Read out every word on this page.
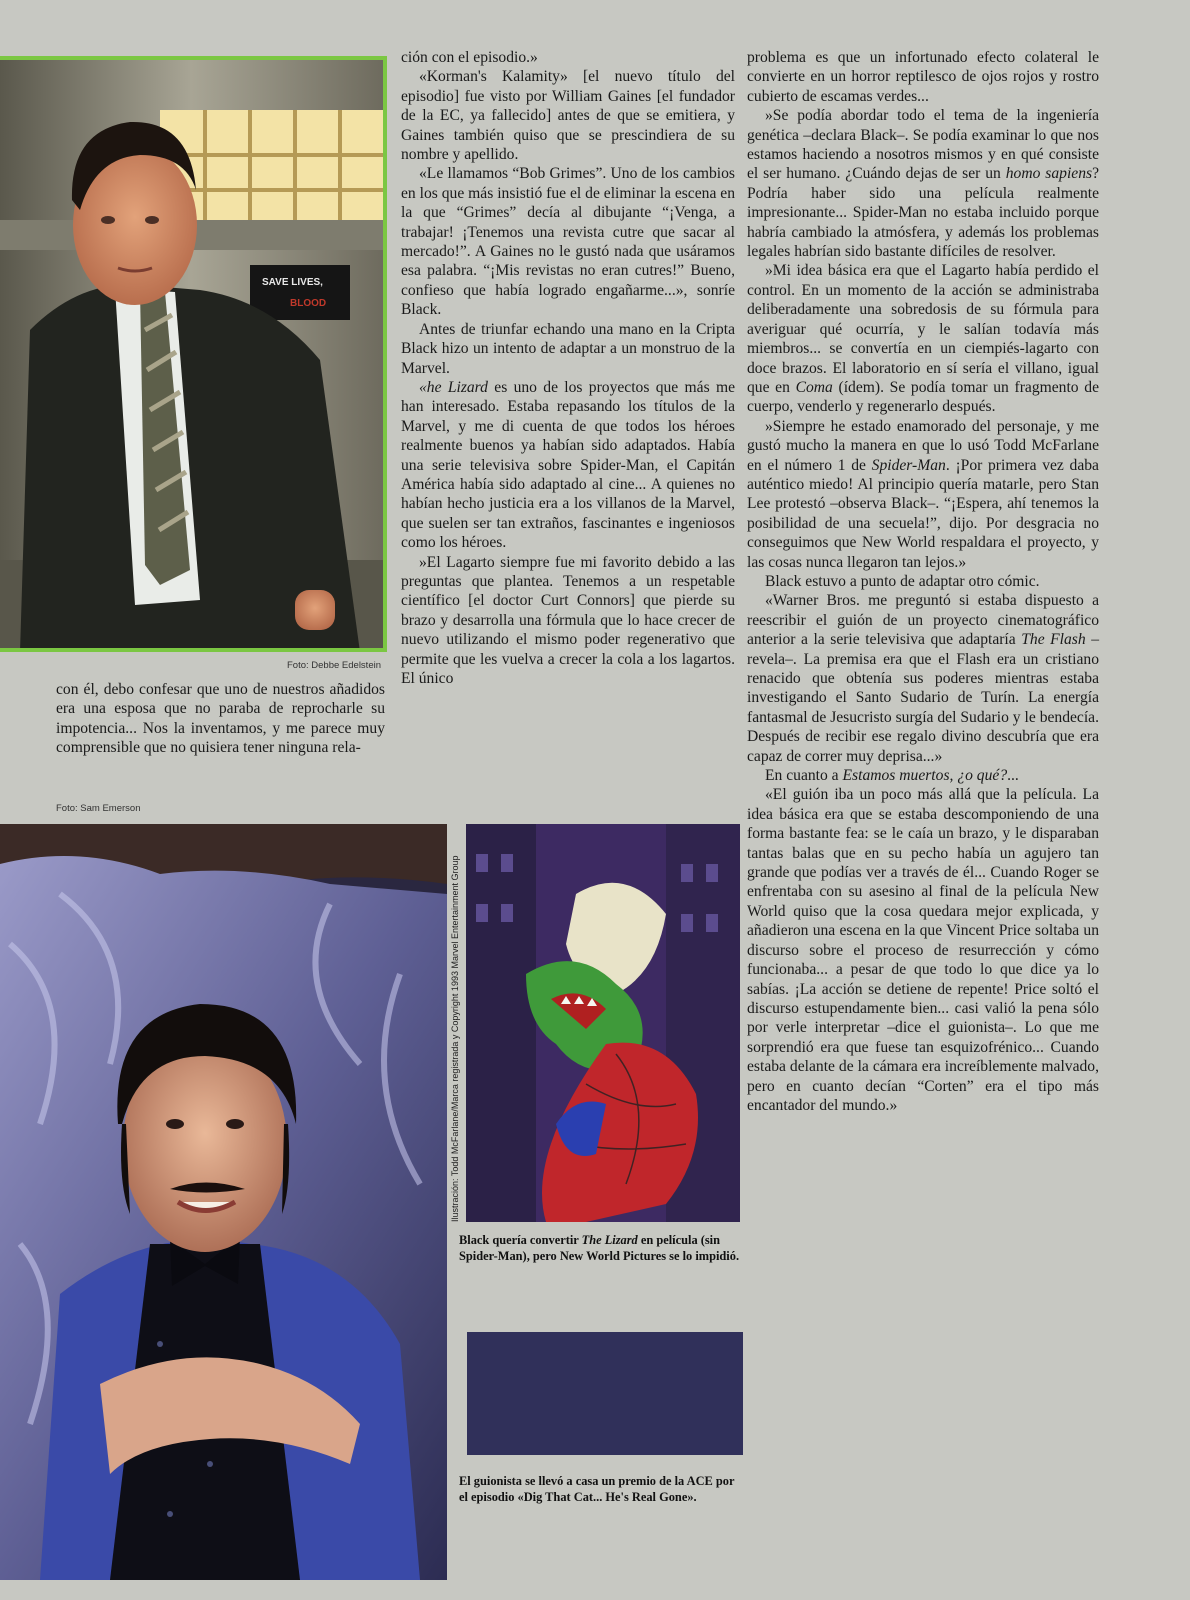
SAVE LIVES,
BLOOD
Foto: Debbe Edelstein

con él, debo confesar que uno de nuestros añadidos era una esposa que no paraba de reprocharle su impotencia... Nos la inventamos, y me parece muy comprensible que no quisiera tener ninguna rela-

Foto: Sam Emerson
Ilustración: Todd McFarlane/Marca registrada y Copyright 1993 Marvel Entertainment Group
Black quería convertir The Lizard en película (sin Spider-Man), pero New World Pictures se lo impidió.
El guionista se llevó a casa un premio de la ACE por el episodio «Dig That Cat... He's Real Gone».

ción con el episodio.»

«Korman's Kalamity» [el nuevo título del episodio] fue visto por William Gaines [el fundador de la EC, ya fallecido] antes de que se emitiera, y Gaines también quiso que se prescindiera de su nombre y apellido.

«Le llamamos “Bob Grimes”. Uno de los cambios en los que más insistió fue el de eliminar la escena en la que “Grimes” decía al dibujante “¡Venga, a trabajar! ¡Tenemos una revista cutre que sacar al mercado!”. A Gaines no le gustó nada que usáramos esa palabra. “¡Mis revistas no eran cutres!” Bueno, confieso que había logrado engañarme...», sonríe Black.

Antes de triunfar echando una mano en la Cripta Black hizo un intento de adaptar a un monstruo de la Marvel.

«he Lizard es uno de los proyectos que más me han interesado. Estaba repasando los títulos de la Marvel, y me di cuenta de que todos los héroes realmente buenos ya habían sido adaptados. Había una serie televisiva sobre Spider-Man, el Capitán América había sido adaptado al cine... A quienes no habían hecho justicia era a los villanos de la Marvel, que suelen ser tan extraños, fascinantes e ingeniosos como los héroes.

»El Lagarto siempre fue mi favorito debido a las preguntas que plantea. Tenemos a un respetable científico [el doctor Curt Connors] que pierde su brazo y desarrolla una fórmula que lo hace crecer de nuevo utilizando el mismo poder regenerativo que permite que les vuelva a crecer la cola a los lagartos. El único

problema es que un infortunado efecto colateral le convierte en un horror reptilesco de ojos rojos y rostro cubierto de escamas verdes...

»Se podía abordar todo el tema de la ingeniería genética –declara Black–. Se podía examinar lo que nos estamos haciendo a nosotros mismos y en qué consiste el ser humano. ¿Cuándo dejas de ser un homo sapiens? Podría haber sido una película realmente impresionante... Spider-Man no estaba incluido porque habría cambiado la atmósfera, y además los problemas legales habrían sido bastante difíciles de resolver.

»Mi idea básica era que el Lagarto había perdido el control. En un momento de la acción se administraba deliberadamente una sobredosis de su fórmula para averiguar qué ocurría, y le salían todavía más miembros... se convertía en un ciempiés-lagarto con doce brazos. El laboratorio en sí sería el villano, igual que en Coma (ídem). Se podía tomar un fragmento de cuerpo, venderlo y regenerarlo después.

»Siempre he estado enamorado del personaje, y me gustó mucho la manera en que lo usó Todd McFarlane en el número 1 de Spider-Man. ¡Por primera vez daba auténtico miedo! Al principio quería matarle, pero Stan Lee protestó –observa Black–. “¡Espera, ahí tenemos la posibilidad de una secuela!”, dijo. Por desgracia no conseguimos que New World respaldara el proyecto, y las cosas nunca llegaron tan lejos.»

Black estuvo a punto de adaptar otro cómic.

«Warner Bros. me preguntó si estaba dispuesto a reescribir el guión de un proyecto cinematográfico anterior a la serie televisiva que adaptaría The Flash –revela–. La premisa era que el Flash era un cristiano renacido que obtenía sus poderes mientras estaba investigando el Santo Sudario de Turín. La energía fantasmal de Jesucristo surgía del Sudario y le bendecía. Después de recibir ese regalo divino descubría que era capaz de correr muy deprisa...»

En cuanto a Estamos muertos, ¿o qué?...

«El guión iba un poco más allá que la película. La idea básica era que se estaba descomponiendo de una forma bastante fea: se le caía un brazo, y le disparaban tantas balas que en su pecho había un agujero tan grande que podías ver a través de él... Cuando Roger se enfrentaba con su asesino al final de la película New World quiso que la cosa quedara mejor explicada, y añadieron una escena en la que Vincent Price soltaba un discurso sobre el proceso de resurrección y cómo funcionaba... a pesar de que todo lo que dice ya lo sabías. ¡La acción se detiene de repente! Price soltó el discurso estupendamente bien... casi valió la pena sólo por verle interpretar –dice el guionista–. Lo que me sorprendió era que fuese tan esquizofrénico... Cuando estaba delante de la cámara era increíblemente malvado, pero en cuanto decían “Corten” era el tipo más encantador del mundo.»
